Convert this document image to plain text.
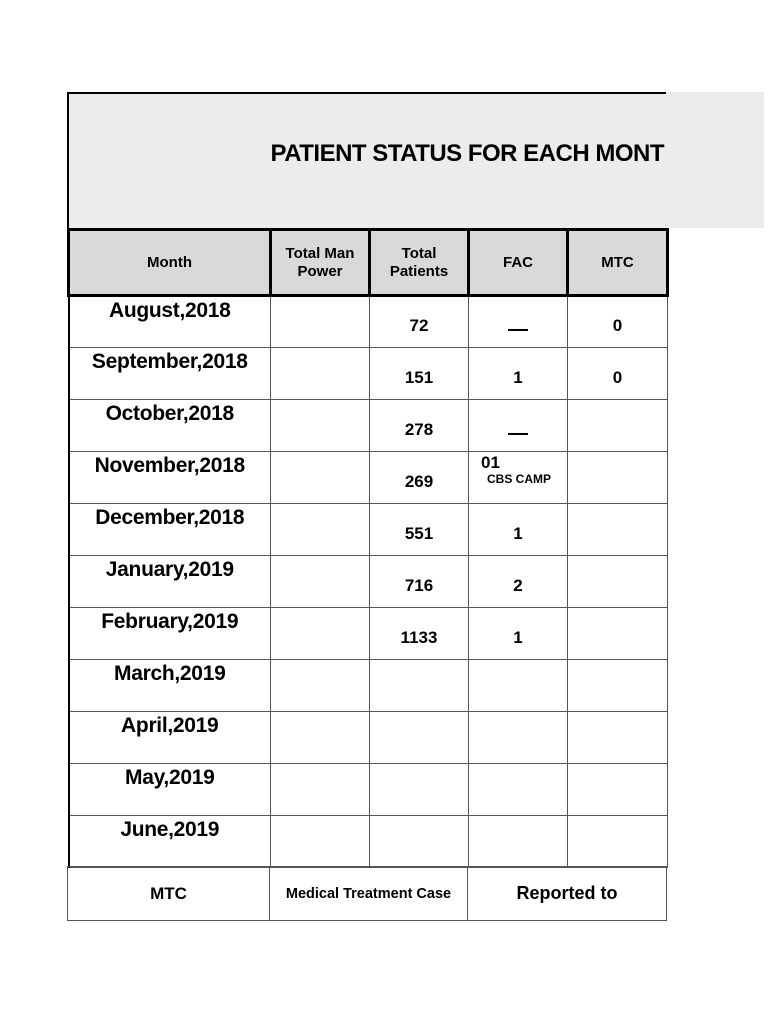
PATIENT STATUS FOR EACH MONT
Month	Total Man Power	Total Patients	FAC	MTC
August,2018		72		0
September,2018		151	1	0
October,2018		278		
November,2018		269	01
CBS CAMP	

December,2018		551	1	
January,2019		716	2	
February,2019		1133	1	
March,2019				
April,2019				
May,2019				
June,2019				
MTC	Medical Treatment Case	Reported to
